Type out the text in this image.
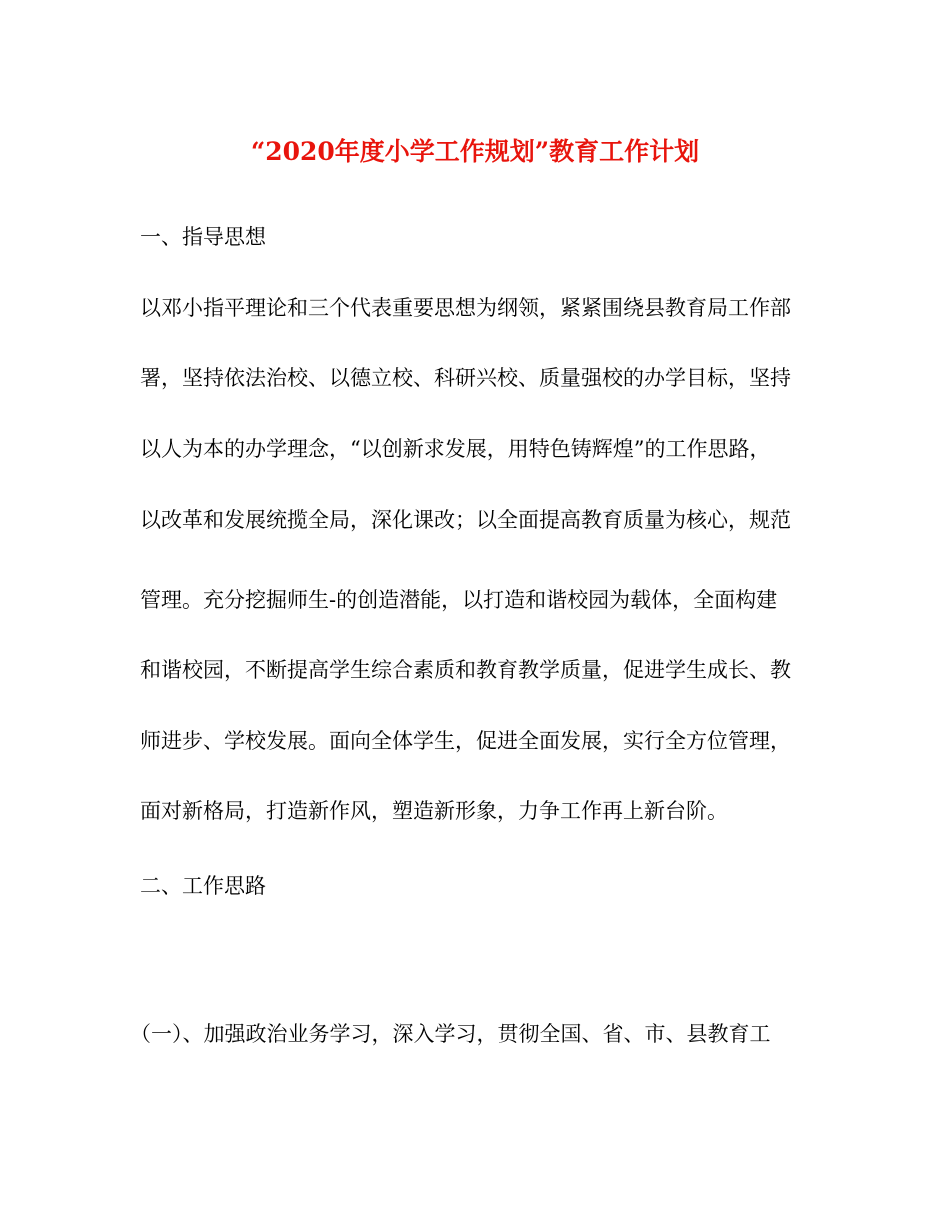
“2020年度小学工作规划”教育工作计划
一、指导思想
以邓小指平理论和三个代表重要思想为纲领，紧紧围绕县教育局工作部
署，坚持依法治校、以德立校、科研兴校、质量强校的办学目标，坚持
以人为本的办学理念，“以创新求发展，用特色铸辉煌”的工作思路，
以改革和发展统揽全局，深化课改；以全面提高教育质量为核心，规范
管理。充分挖掘师生-的创造潜能，以打造和谐校园为载体，全面构建
和谐校园，不断提高学生综合素质和教育教学质量，促进学生成长、教
师进步、学校发展。面向全体学生，促进全面发展，实行全方位管理，
面对新格局，打造新作风，塑造新形象，力争工作再上新台阶。
二、工作思路
（一）、加强政治业务学习，深入学习，贯彻全国、省、市、县教育工
